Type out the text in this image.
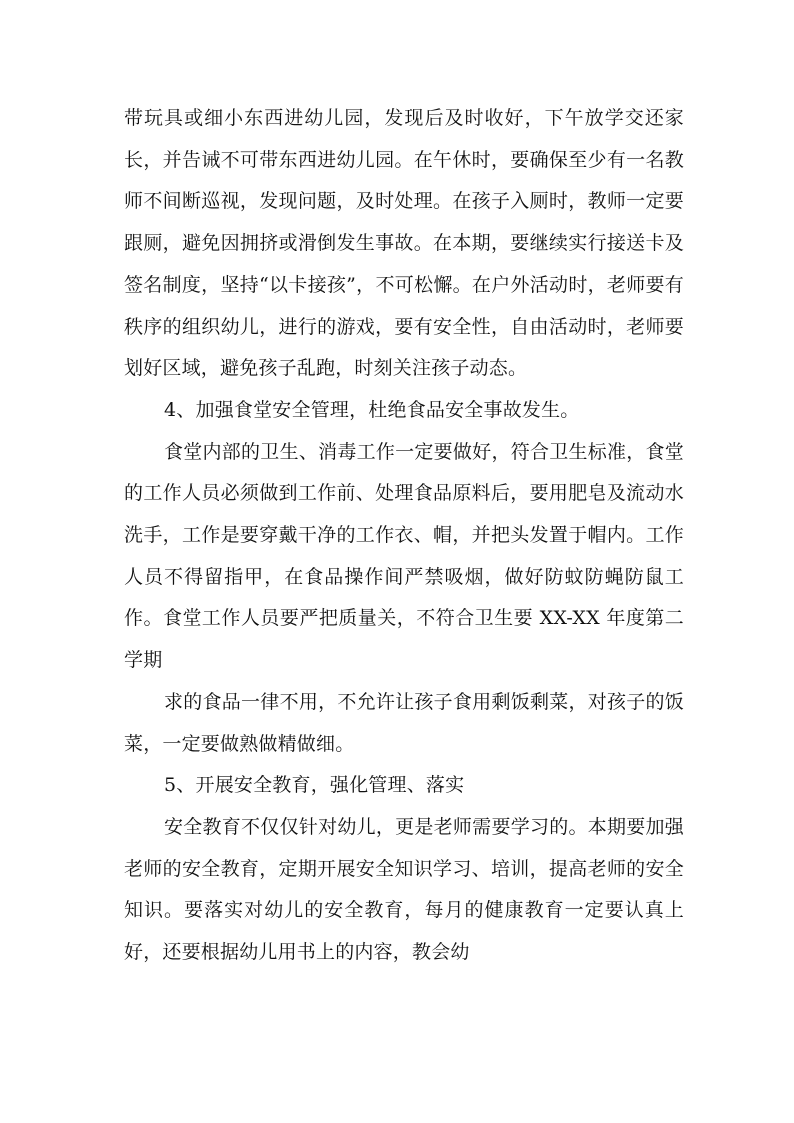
带玩具或细小东西进幼儿园，发现后及时收好，下午放学交还家长，并告诫不可带东西进幼儿园。在午休时，要确保至少有一名教师不间断巡视，发现问题，及时处理。在孩子入厕时，教师一定要跟厕，避免因拥挤或滑倒发生事故。在本期，要继续实行接送卡及签名制度，坚持“以卡接孩”，不可松懈。在户外活动时，老师要有秩序的组织幼儿，进行的游戏，要有安全性，自由活动时，老师要划好区域，避免孩子乱跑，时刻关注孩子动态。

4、加强食堂安全管理，杜绝食品安全事故发生。

食堂内部的卫生、消毒工作一定要做好，符合卫生标准，食堂的工作人员必须做到工作前、处理食品原料后，要用肥皂及流动水洗手，工作是要穿戴干净的工作衣、帽，并把头发置于帽内。工作人员不得留指甲，在食品操作间严禁吸烟，做好防蚊防蝇防鼠工作。食堂工作人员要严把质量关，不符合卫生要 XX-XX 年度第二学期

求的食品一律不用，不允许让孩子食用剩饭剩菜，对孩子的饭菜，一定要做熟做精做细。

5、开展安全教育，强化管理、落实

安全教育不仅仅针对幼儿，更是老师需要学习的。本期要加强老师的安全教育，定期开展安全知识学习、培训，提高老师的安全知识。要落实对幼儿的安全教育，每月的健康教育一定要认真上好，还要根据幼儿用书上的内容，教会幼
